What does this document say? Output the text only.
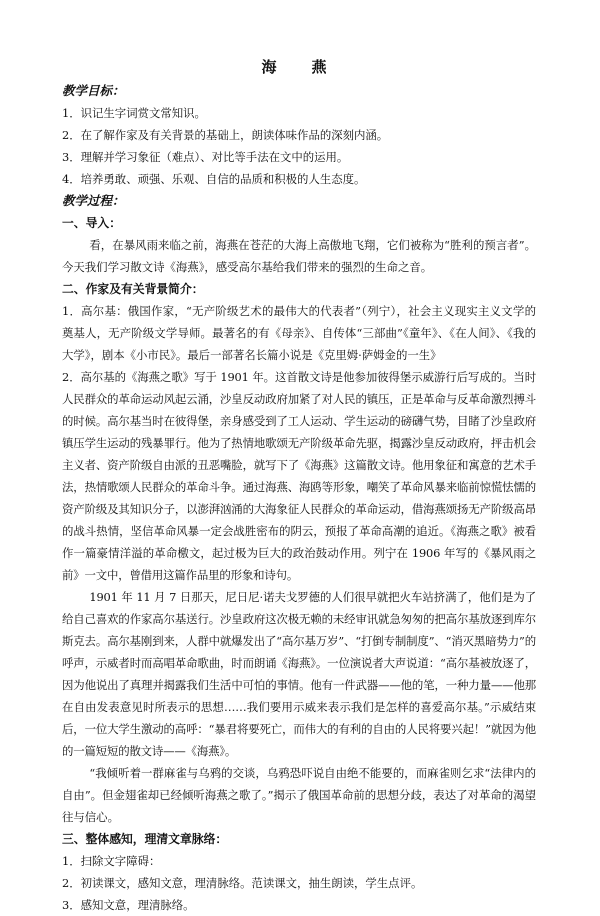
海　燕
教学目标：
1．识记生字词赏文常知识。
2．在了解作家及有关背景的基础上，朗读体味作品的深刻内涵。
3．理解并学习象征（难点）、对比等手法在文中的运用。
4．培养勇敢、顽强、乐观、自信的品质和积极的人生态度。
教学过程：
一、导入：
看，在暴风雨来临之前，海燕在苍茫的大海上高傲地飞翔，它们被称为“胜利的预言者”。今天我们学习散文诗《海燕》，感受高尔基给我们带来的强烈的生命之音。
二、作家及有关背景简介：
1．高尔基：俄国作家，“无产阶级艺术的最伟大的代表者”（列宁），社会主义现实主义文学的奠基人，无产阶级文学导师。最著名的有《母亲》、自传体“三部曲”《童年》、《在人间》、《我的大学》，剧本《小市民》。最后一部著名长篇小说是《克里姆·萨姆金的一生》
2．高尔基的《海燕之歌》写于 1901 年。这首散文诗是他参加彼得堡示威游行后写成的。当时人民群众的革命运动风起云涌，沙皇反动政府加紧了对人民的镇压，正是革命与反革命激烈搏斗的时候。高尔基当时在彼得堡，亲身感受到了工人运动、学生运动的磅礴气势，目睹了沙皇政府镇压学生运动的残暴罪行。他为了热情地歌颂无产阶级革命先驱，揭露沙皇反动政府，抨击机会主义者、资产阶级自由派的丑恶嘴脸，就写下了《海燕》这篇散文诗。他用象征和寓意的艺术手法，热情歌颂人民群众的革命斗争。通过海燕、海鸥等形象，嘲笑了革命风暴来临前惊慌怯懦的资产阶级及其知识分子，以澎湃汹涌的大海象征人民群众的革命运动，借海燕颂扬无产阶级高昂的战斗热情，坚信革命风暴一定会战胜密布的阴云，预报了革命高潮的追近。《海燕之歌》被看作一篇豪情洋溢的革命檄文，起过极为巨大的政治鼓动作用。列宁在 1906 年写的《暴风雨之前》一文中，曾借用这篇作品里的形象和诗句。
1901 年 11 月 7 日那天，尼日尼·诺夫戈罗德的人们很早就把火车站挤满了，他们是为了给自己喜欢的作家高尔基送行。沙皇政府这次极无赖的未经审讯就急匆匆的把高尔基放逐到库尔斯克去。高尔基刚到来，人群中就爆发出了“高尔基万岁”、“打倒专制制度”、“消灭黑暗势力”的呼声，示威者时而高唱革命歌曲，时而朗诵《海燕》。一位演说者大声说道：“高尔基被放逐了，因为他说出了真理并揭露我们生活中可怕的事情。他有一件武器——他的笔，一种力量——他那在自由发表意见时所表示的思想……我们要用示威来表示我们是怎样的喜爱高尔基。”示威结束后，一位大学生激动的高呼：“暴君将要死亡，而伟大的有利的自由的人民将要兴起！”就因为他的一篇短短的散文诗——《海燕》。
“我倾听着一群麻雀与乌鸦的交谈，乌鸦恐吓说自由绝不能要的，而麻雀则乞求“法律内的自由”。但金翅雀却已经倾听海燕之歌了。”揭示了俄国革命前的思想分歧，表达了对革命的渴望往与信心。
三、整体感知，理清文章脉络：
1．扫除文字障碍：
2．初读课文，感知文意，理清脉络。范读课文，抽生朗读，学生点评。
3．感知文意，理清脉络。
